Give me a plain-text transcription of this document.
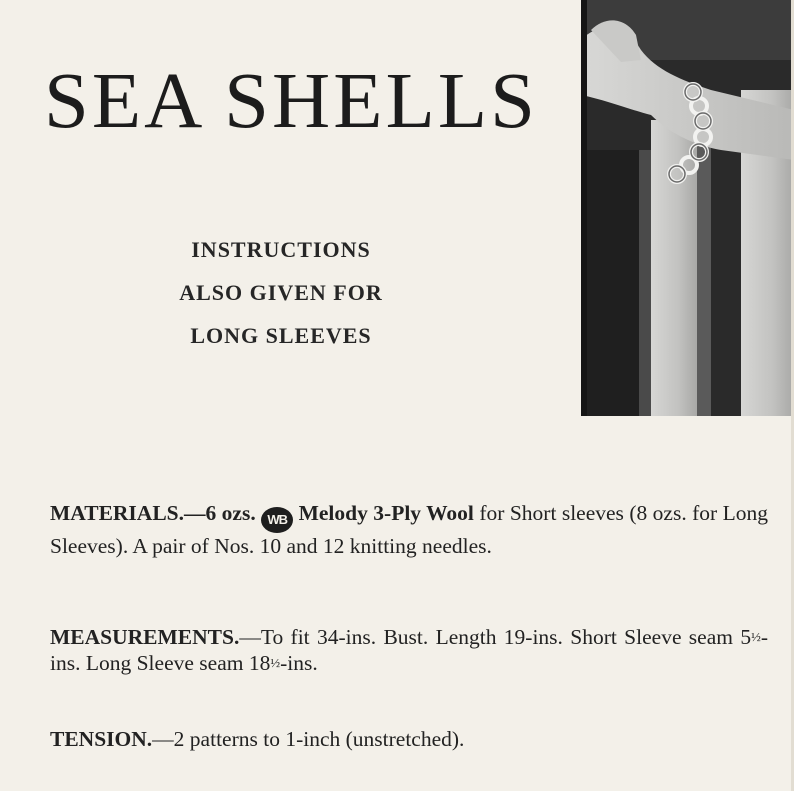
SEA SHELLS
INSTRUCTIONS
ALSO GIVEN FOR
LONG SLEEVES
MATERIALS.—6 ozs. WB Melody 3-Ply Wool for Short sleeves (8 ozs. for Long Sleeves). A pair of Nos. 10 and 12 knitting needles.
MEASUREMENTS.—To fit 34-ins. Bust. Length 19-ins. Short Sleeve seam 5½-ins. Long Sleeve seam 18½-ins.
TENSION.—2 patterns to 1-inch (unstretched).
